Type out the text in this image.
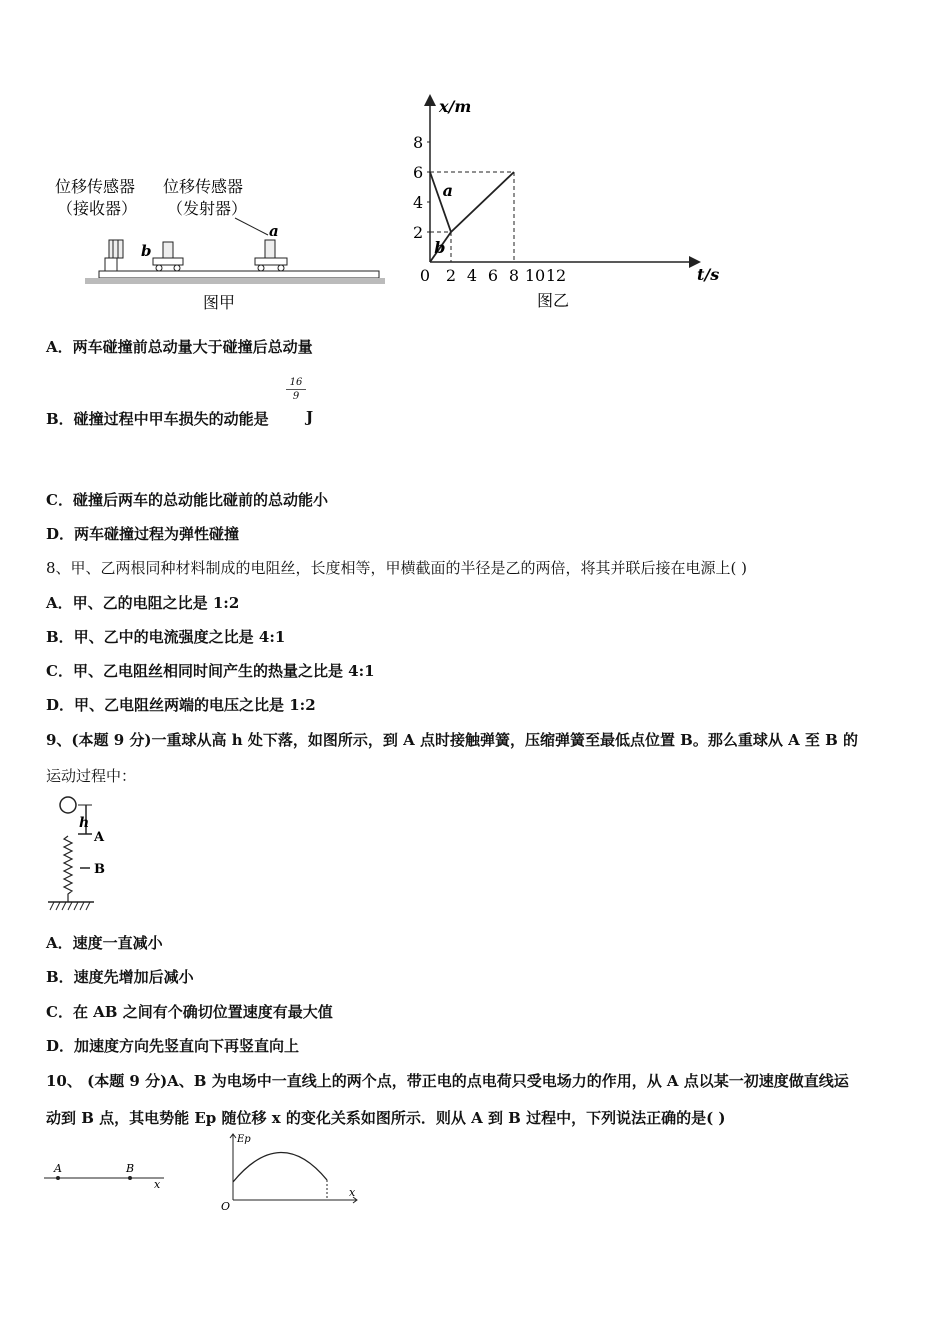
位移传感器
（接收器）
位移传感器
（发射器）
b
a
图甲
x/m
t/s
2
4
6
8
0 2 4 6 8 10 12
a
b
图乙
A．两车碰撞前总动量大于碰撞后总动量
B．碰撞过程中甲车损失的动能是
$\frac{16}{9}$
J
C．碰撞后两车的总动能比碰前的总动能小
D．两车碰撞过程为弹性碰撞
8、甲、乙两根同种材料制成的电阻丝，长度相等，甲横截面的半径是乙的两倍，将其并联后接在电源上( )
A．甲、乙的电阻之比是 1:2
B．甲、乙中的电流强度之比是 4:1
C．甲、乙电阻丝相同时间产生的热量之比是 4:1
D．甲、乙电阻丝两端的电压之比是 1:2
9、(本题 9 分)一重球从高 h 处下落，如图所示，到 A 点时接触弹簧，压缩弹簧至最低点位置 B。那么重球从 A 至 B 的
运动过程中：
h
A
B
A．速度一直减小
B．速度先增加后减小
C．在 AB 之间有个确切位置速度有最大值
D．加速度方向先竖直向下再竖直向上
10、 (本题 9 分)A、B 为电场中一直线上的两个点，带正电的点电荷只受电场力的作用，从 A 点以某一初速度做直线运
动到 B 点，其电势能 Ep 随位移 x 的变化关系如图所示．则从 A 到 B 过程中，下列说法正确的是( )
A	B
x
Ep
O
x
